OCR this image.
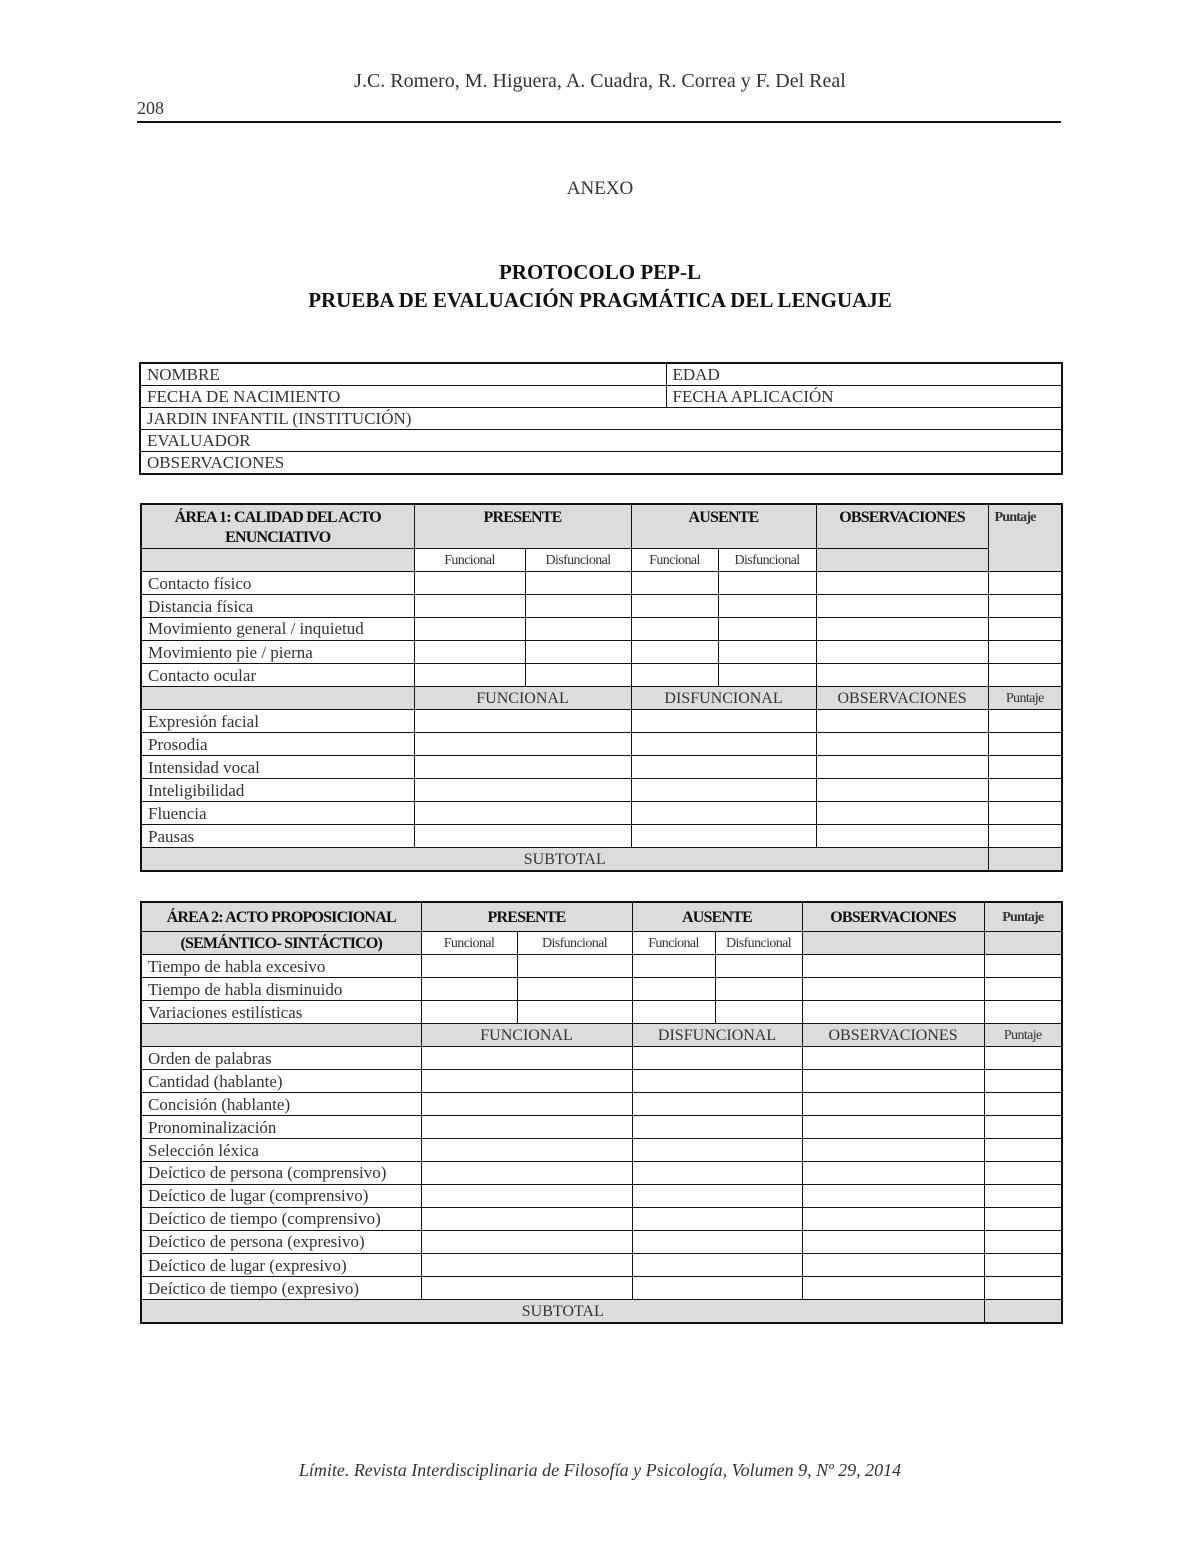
J.C. Romero, M. Higuera, A. Cuadra, R. Correa y F. Del Real
208
ANEXO
PROTOCOLO PEP-L
PRUEBA DE EVALUACIÓN PRAGMÁTICA DEL LENGUAJE
NOMBRE	EDAD
FECHA DE NACIMIENTO	FECHA APLICACIÓN
JARDIN INFANTIL (INSTITUCIÓN)	
EVALUADOR	
OBSERVACIONES	
ÁREA 1: CALIDAD DEL ACTO ENUNCIATIVO	PRESENTE		AUSENTE		OBSERVACIONES	Puntaje
	Funcional	Disfuncional	Funcional	Disfuncional		
Contacto físico						
Distancia física						
Movimiento general / inquietud						
Movimiento pie / pierna						
Contacto ocular						
	FUNCIONAL		DISFUNCIONAL		OBSERVACIONES	Puntaje
Expresión facial						
Prosodia						
Intensidad vocal						
Inteligibilidad						
Fluencia						
Pausas						
SUBTOTAL						
ÁREA 2: ACTO PROPOSICIONAL	PRESENTE		AUSENTE		OBSERVACIONES	Puntaje
(SEMÁNTICO- SINTÁCTICO)	Funcional	Disfuncional	Funcional	Disfuncional		
Tiempo de habla excesivo						
Tiempo de habla disminuido						
Variaciones estilísticas						
	FUNCIONAL		DISFUNCIONAL		OBSERVACIONES	Puntaje
Orden de palabras						
Cantidad (hablante)						
Concisión (hablante)						
Pronominalización						
Selección léxica						
Deíctico de persona (comprensivo)						
Deíctico de lugar (comprensivo)						
Deíctico de tiempo (comprensivo)						
Deíctico de persona (expresivo)						
Deíctico de lugar (expresivo)						
Deíctico de tiempo (expresivo)						
SUBTOTAL						
Límite. Revista Interdisciplinaria de Filosofía y Psicología, Volumen 9, Nº 29, 2014
